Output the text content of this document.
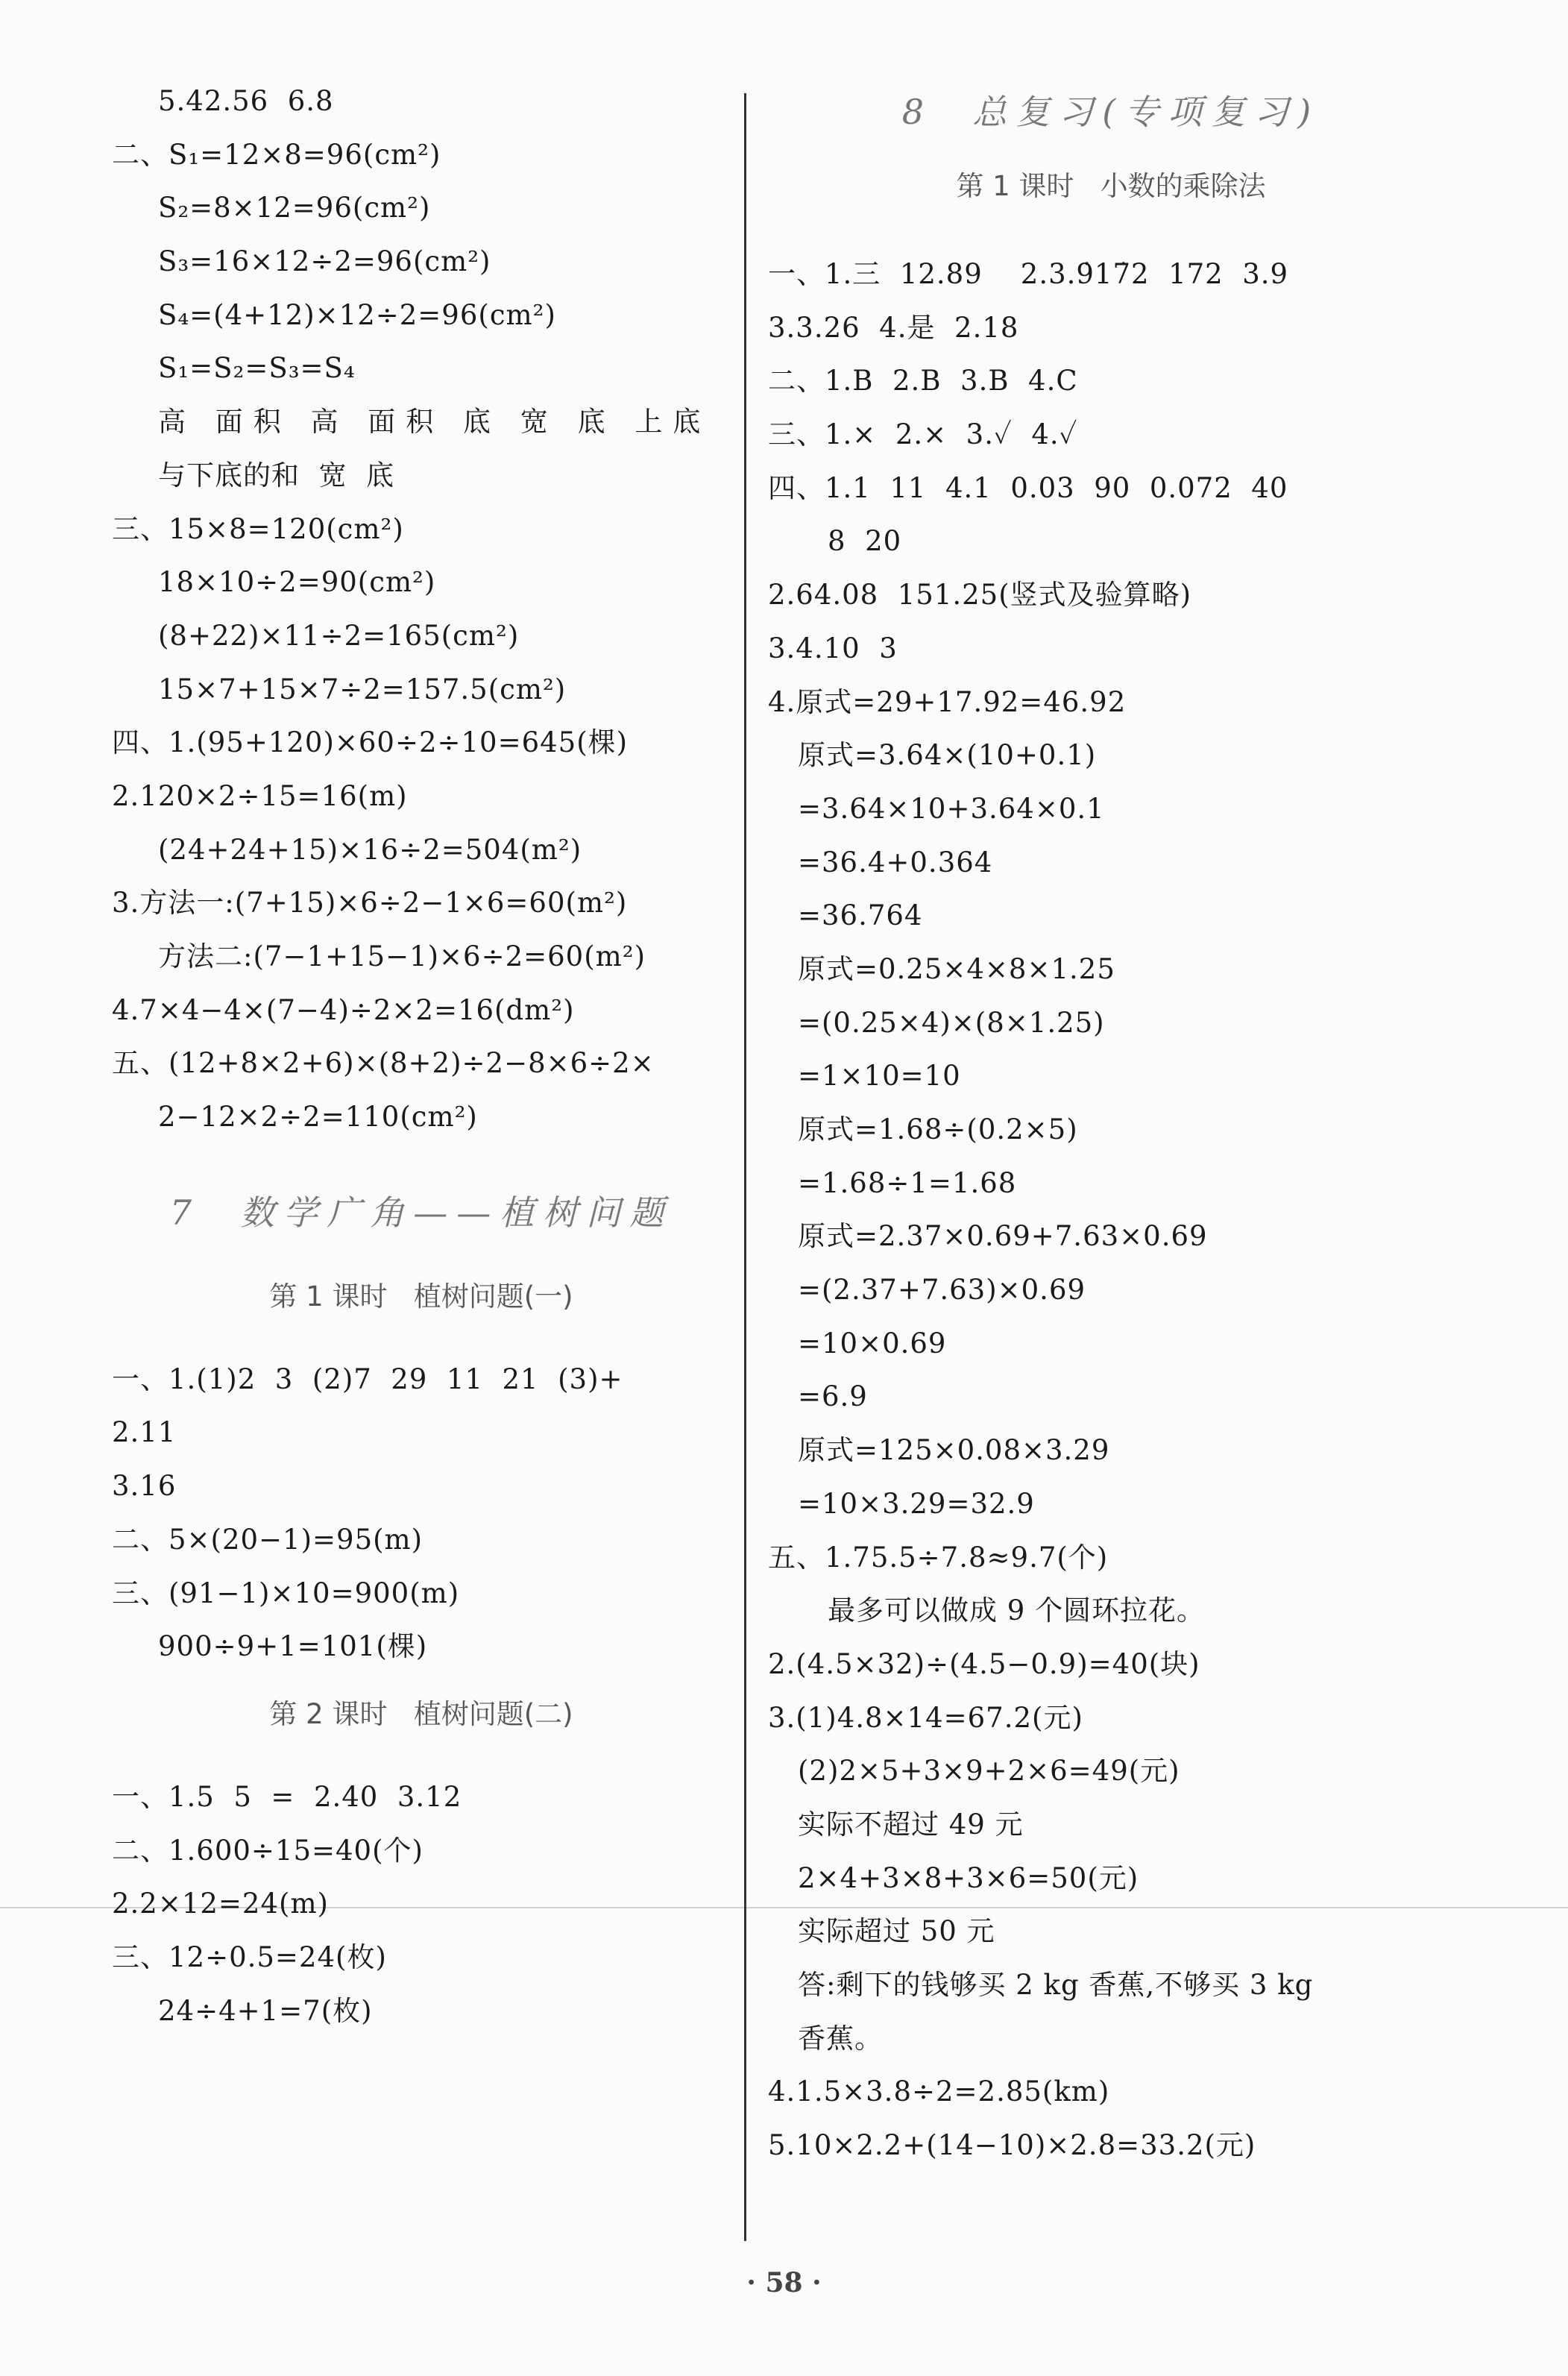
5.42.56  6.8
二、S₁=12×8=96(cm²)
S₂=8×12=96(cm²)
S₃=16×12÷2=96(cm²)
S₄=(4+12)×12÷2=96(cm²)
S₁=S₂=S₃=S₄
高 面积 高 面积 底 宽 底 上底
与下底的和  宽  底
三、15×8=120(cm²)
18×10÷2=90(cm²)
(8+22)×11÷2=165(cm²)
15×7+15×7÷2=157.5(cm²)
四、1.(95+120)×60÷2÷10=645(棵)
2.120×2÷15=16(m)
(24+24+15)×16÷2=504(m²)
3.方法一:(7+15)×6÷2−1×6=60(m²)
方法二:(7−1+15−1)×6÷2=60(m²)
4.7×4−4×(7−4)÷2×2=16(dm²)
五、(12+8×2+6)×(8+2)÷2−8×6÷2×
2−12×2÷2=110(cm²)
7  数学广角——植树问题
第 1 课时   植树问题(一)
一、1.(1)2  3  (2)7  29  11  21  (3)+
2.11
3.16
二、5×(20−1)=95(m)
三、(91−1)×10=900(m)
900÷9+1=101(棵)
第 2 课时   植树问题(二)
一、1.5  5  =  2.40  3.12
二、1.600÷15=40(个)
2.2×12=24(m)
三、12÷0.5=24(枚)
24÷4+1=7(枚)
8  总复习(专项复习)
第 1 课时   小数的乘除法
一、1.三  12.89    2.3.9̇17̇2  172  3.9
3.3.26  4.是  2.18
二、1.B  2.B  3.B  4.C
三、1.×  2.×  3.✓  4.✓
四、1.1  11  4.1  0.03  90  0.072  40
8  20
2.64.08  151.25(竖式及验算略)
3.4.10  3
4.原式=29+17.92=46.92
原式=3.64×(10+0.1)
=3.64×10+3.64×0.1
=36.4+0.364
=36.764
原式=0.25×4×8×1.25
=(0.25×4)×(8×1.25)
=1×10=10
原式=1.68÷(0.2×5)
=1.68÷1=1.68
原式=2.37×0.69+7.63×0.69
=(2.37+7.63)×0.69
=10×0.69
=6.9
原式=125×0.08×3.29
=10×3.29=32.9
五、1.75.5÷7.8≈9.7(个)
最多可以做成 9 个圆环拉花。
2.(4.5×32)÷(4.5−0.9)=40(块)
3.(1)4.8×14=67.2(元)
(2)2×5+3×9+2×6=49(元)
实际不超过 49 元
2×4+3×8+3×6=50(元)
实际超过 50 元
答:剩下的钱够买 2 kg 香蕉,不够买 3 kg
香蕉。
4.1.5×3.8÷2=2.85(km)
5.10×2.2+(14−10)×2.8=33.2(元)
· 58 ·
